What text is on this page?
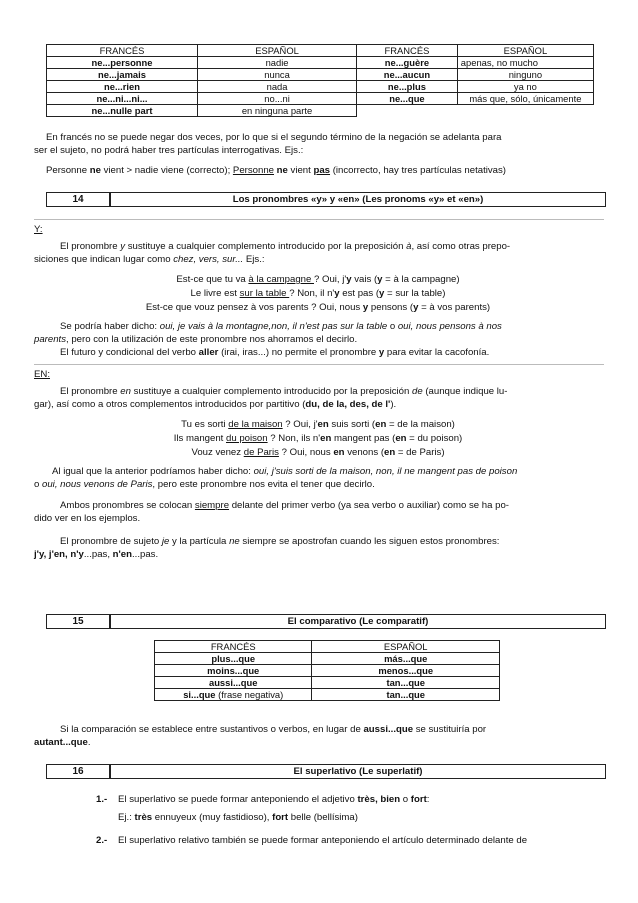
FRANCÉS	ESPAÑOL	FRANCÉS	ESPAÑOL
ne...personne	nadie	ne...guère	apenas, no mucho
ne...jamais	nunca	ne...aucun	ninguno
ne...rien	nada	ne...plus	ya no
ne...ni...ni...	no...ni	ne...que	más que, sólo, únicamente
ne...nulle part	en ninguna parte		
En francés no se puede negar dos veces, por lo que si el segundo término de la negación se adelanta para
ser el sujeto, no podrá haber tres partículas interrogativas. Ejs.:
Personne ne vient > nadie viene (correcto); Personne ne vient pas (incorrecto, hay tres partículas netativas)
14	Los pronombres «y» y «en» (Les pronoms «y» et «en»)
Y:
El pronombre y sustituye a cualquier complemento introducido por la preposición à, así como otras prepo-
siciones que indican lugar como chez, vers, sur... Ejs.:
Est-ce que tu va à la campagne ? Oui, j'y vais (y = à la campagne)
Le livre est sur la table ? Non, il n'y est pas (y = sur la table)
Est-ce que vouz pensez à vos parents ? Oui, nous y pensons (y = à vos parents)
Se podría haber dicho: oui, je vais à la montagne,non, il n'est pas sur la table o oui, nous pensons à nos
parents, pero con la utilización de este pronombre nos ahorramos el decirlo.
El futuro y condicional del verbo aller (irai, iras...) no permite el pronombre y para evitar la cacofonía.
EN:
El pronombre en sustituye a cualquier complemento introducido por la preposición de (aunque indique lu-
gar), así como a otros complementos introducidos por partitivo (du, de la, des, de l').
Tu es sorti de la maison ? Oui, j'en suis sorti (en = de la maison)
Ils mangent du poison ? Non, ils n'en mangent pas (en = du poison)
Vouz venez de Paris ? Oui, nous en venons (en = de Paris)
Al igual que la anterior podríamos haber dicho: oui, j'suis sorti de la maison, non, il ne mangent pas de poison
o oui, nous venons de Paris, pero este pronombre nos evita el tener que decirlo.
Ambos pronombres se colocan siempre delante del primer verbo (ya sea verbo o auxiliar) como se ha po-
dido ver en los ejemplos.
El pronombre de sujeto je y la partícula ne siempre se apostrofan cuando les siguen estos pronombres:
j'y, j'en, n'y...pas, n'en...pas.
15	El comparativo (Le comparatif)
FRANCÉS	ESPAÑOL
plus...que	más...que
moins...que	menos...que
aussi...que	tan...que
si...que (frase negativa)	tan...que
Si la comparación se establece entre sustantivos o verbos, en lugar de aussi...que se sustituiría por
autant...que.
16	El superlativo (Le superlatif)
1.- El superlativo se puede formar anteponiendo el adjetivo très, bien o fort:
Ej.: très ennuyeux (muy fastidioso), fort belle (bellísima)
2.- El superlativo relativo también se puede formar anteponiendo el artículo determinado delante de
